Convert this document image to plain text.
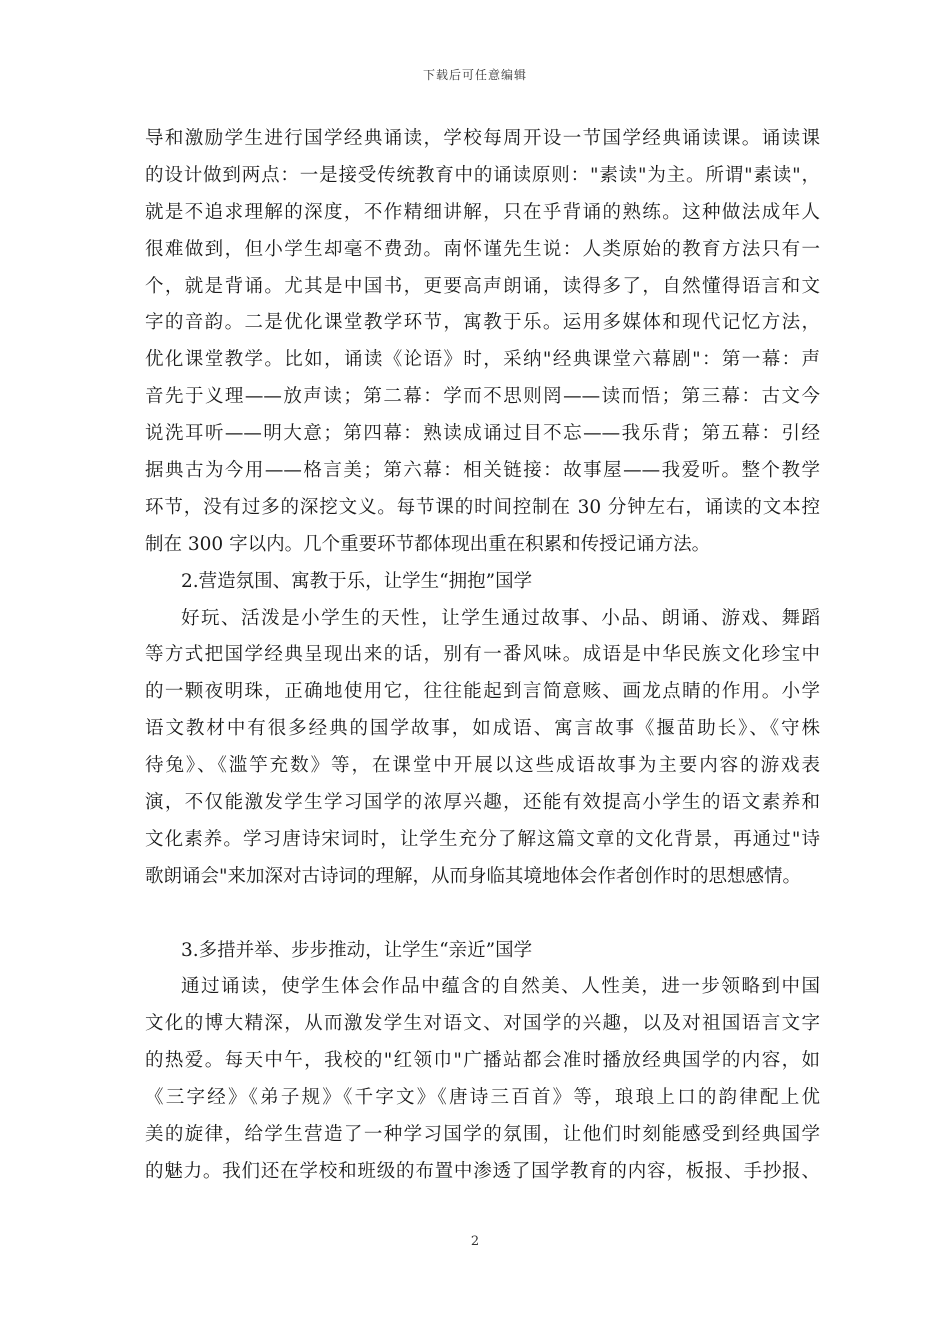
下载后可任意编辑
导和激励学生进行国学经典诵读，学校每周开设一节国学经典诵读课。诵读课
的设计做到两点：一是接受传统教育中的诵读原则："素读"为主。所谓"素读"，
就是不追求理解的深度，不作精细讲解，只在乎背诵的熟练。这种做法成年人
很难做到，但小学生却毫不费劲。南怀谨先生说：人类原始的教育方法只有一
个，就是背诵。尤其是中国书，更要高声朗诵，读得多了，自然懂得语言和文
字的音韵。二是优化课堂教学环节，寓教于乐。运用多媒体和现代记忆方法，
优化课堂教学。比如，诵读《论语》时，采纳"经典课堂六幕剧"：第一幕：声
音先于义理——放声读；第二幕：学而不思则罔——读而悟；第三幕：古文今
说洗耳听——明大意；第四幕：熟读成诵过目不忘——我乐背；第五幕：引经
据典古为今用——格言美；第六幕：相关链接：故事屋——我爱听。整个教学
环节，没有过多的深挖文义。每节课的时间控制在 30 分钟左右，诵读的文本控
制在 300 字以内。几个重要环节都体现出重在积累和传授记诵方法。
2.营造氛围、寓教于乐，让学生“拥抱”国学
好玩、活泼是小学生的天性，让学生通过故事、小品、朗诵、游戏、舞蹈
等方式把国学经典呈现出来的话，别有一番风味。成语是中华民族文化珍宝中
的一颗夜明珠，正确地使用它，往往能起到言简意赅、画龙点睛的作用。小学
语文教材中有很多经典的国学故事，如成语、寓言故事《揠苗助长》、《守株
待兔》、《滥竽充数》等，在课堂中开展以这些成语故事为主要内容的游戏表
演，不仅能激发学生学习国学的浓厚兴趣，还能有效提高小学生的语文素养和
文化素养。学习唐诗宋词时，让学生充分了解这篇文章的文化背景，再通过"诗
歌朗诵会"来加深对古诗词的理解，从而身临其境地体会作者创作时的思想感情。
3.多措并举、步步推动，让学生“亲近”国学
通过诵读，使学生体会作品中蕴含的自然美、人性美，进一步领略到中国
文化的博大精深，从而激发学生对语文、对国学的兴趣，以及对祖国语言文字
的热爱。每天中午，我校的"红领巾"广播站都会准时播放经典国学的内容，如
《三字经》《弟子规》《千字文》《唐诗三百首》等，琅琅上口的韵律配上优
美的旋律，给学生营造了一种学习国学的氛围，让他们时刻能感受到经典国学
的魅力。我们还在学校和班级的布置中渗透了国学教育的内容，板报、手抄报、
2
